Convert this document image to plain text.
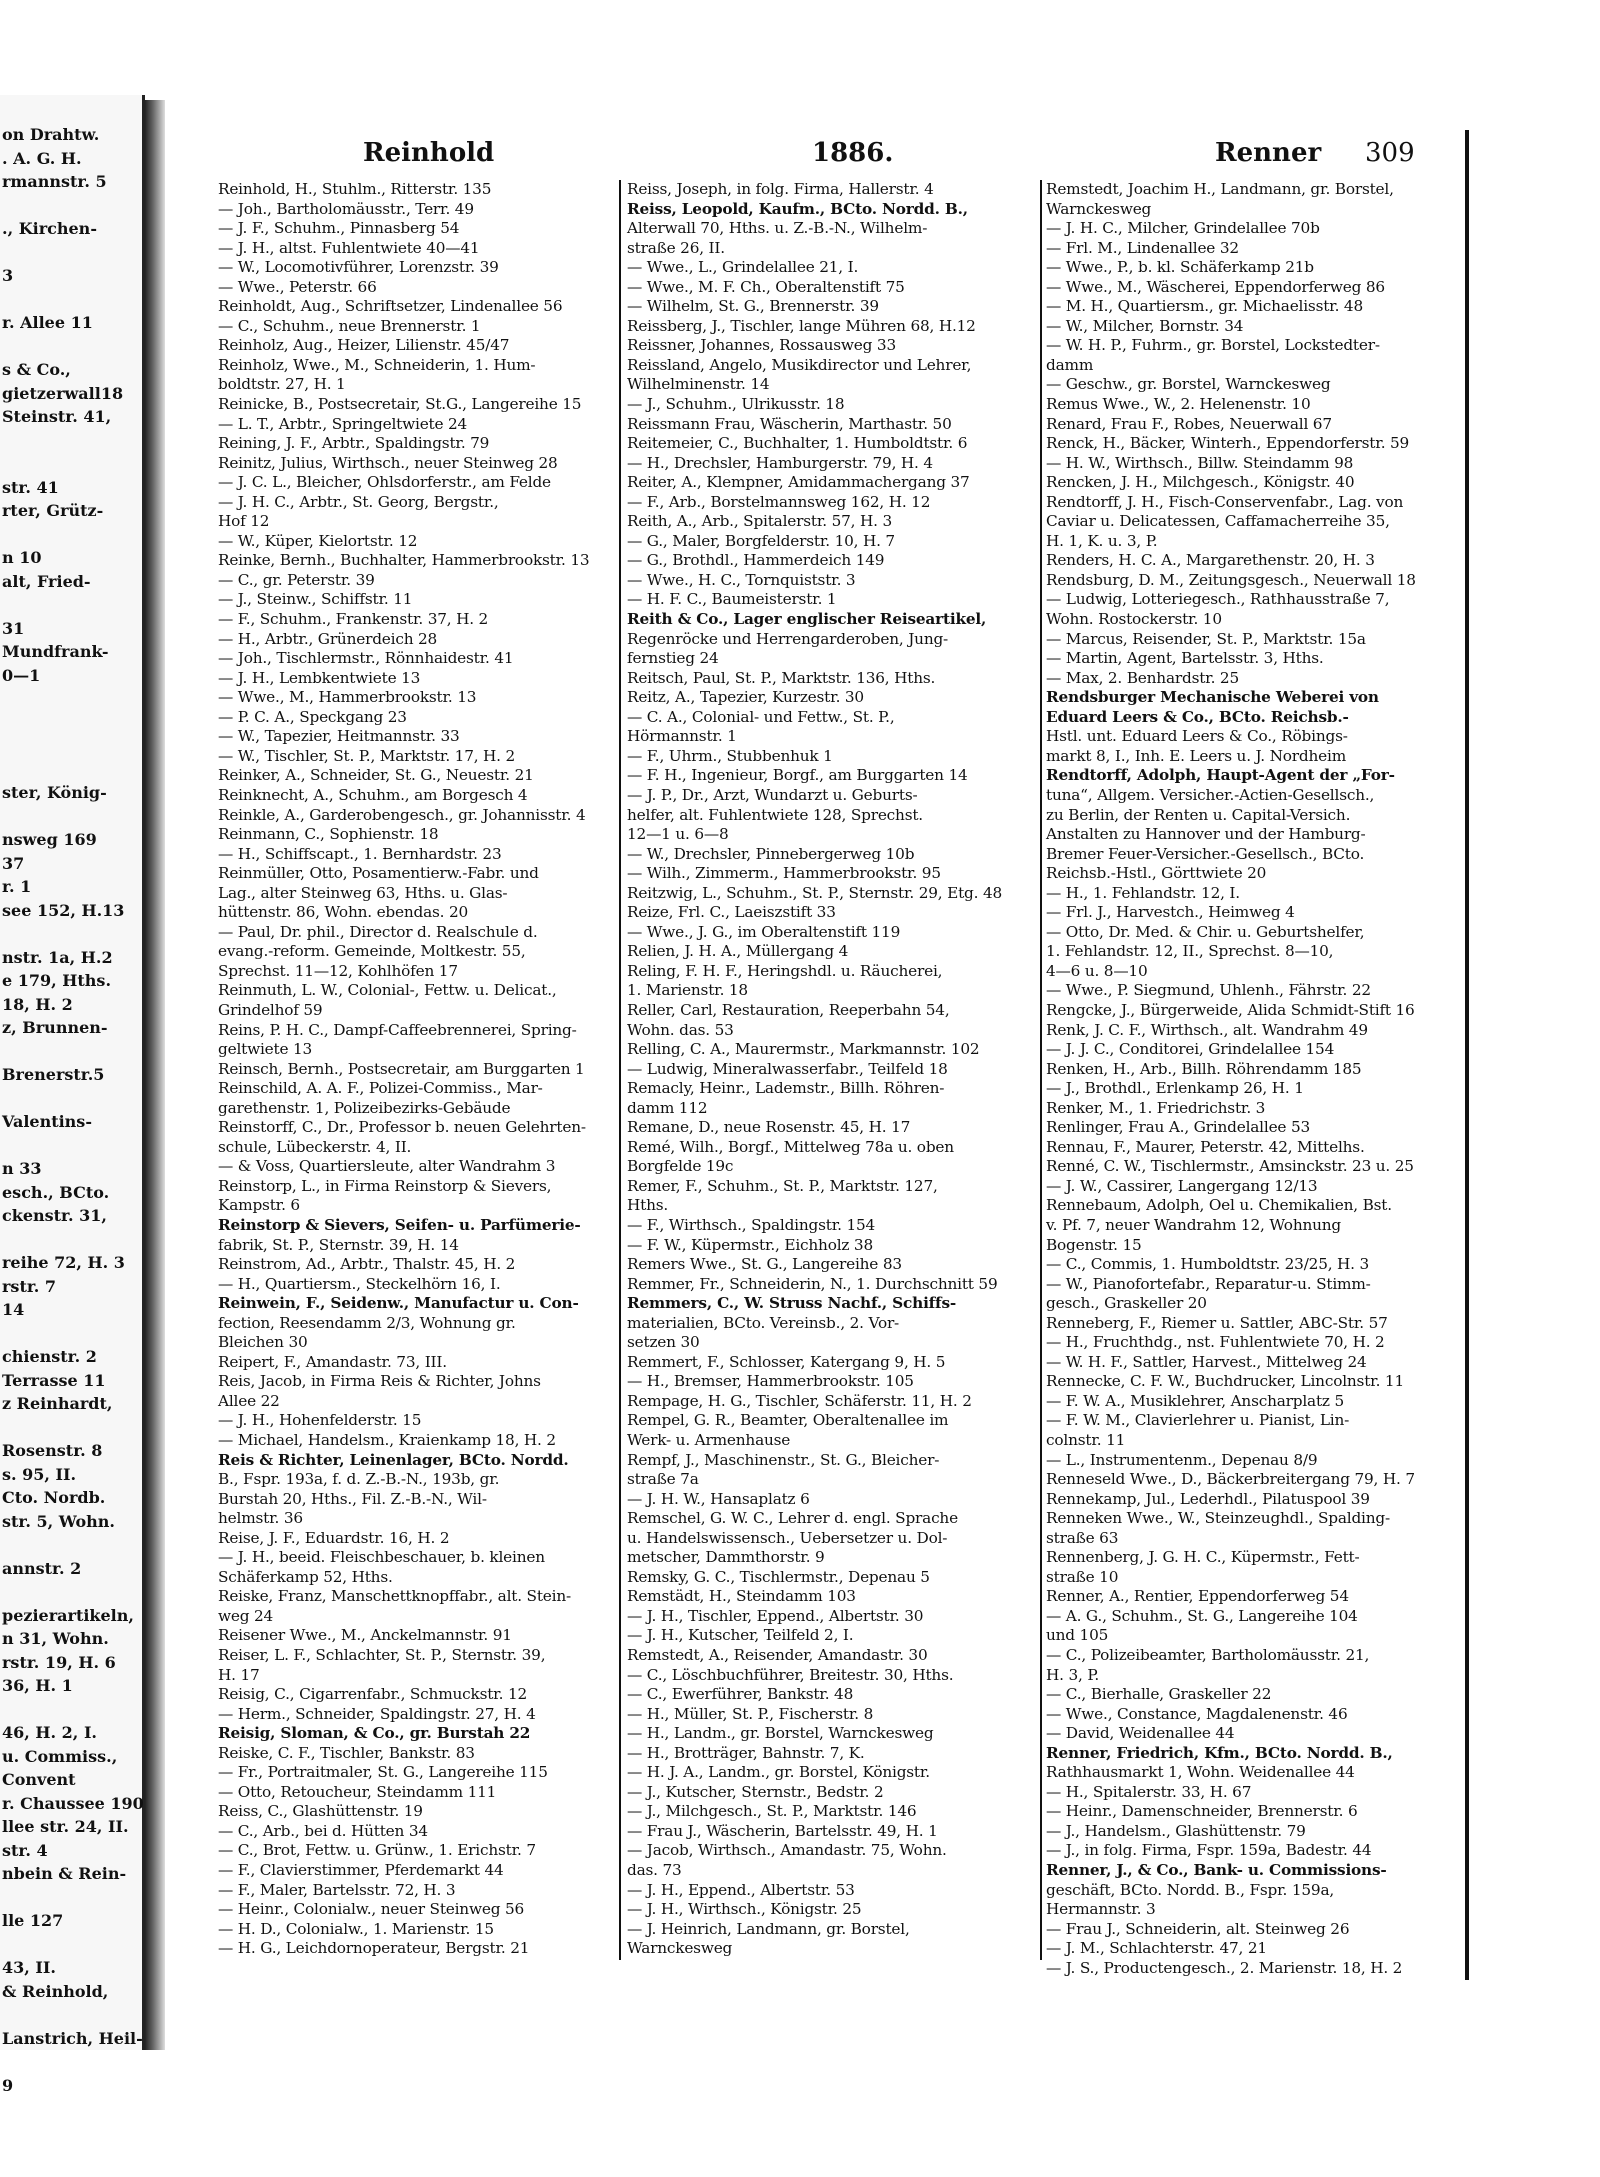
on Drahtw.
. A. G. H.
rmannstr. 5
., Kirchen-
3
r. Allee 11
s & Co.,
gietzerwall18
Steinstr. 41,
str. 41
rter, Grütz-
n 10
alt, Fried-
31
Mundfrank-
0—1
ster, König-
nsweg 169
37
r. 1
see 152, H.13
nstr. 1a, H.2
e 179, Hths.
18, H. 2
z, Brunnen-
Brenerstr.5
Valentins-
n 33
esch., BCto.
ckenstr. 31,
reihe 72, H. 3
rstr. 7
14
chienstr. 2
Terrasse 11
z Reinhardt,
Rosenstr. 8
s. 95, II.
Cto. Nordb.
str. 5, Wohn.
annstr. 2
pezierartikeln,
n 31, Wohn.
rstr. 19, H. 6
36, H. 1
46, H. 2, I.
u. Commiss.,
Convent
r. Chaussee 190
llee str. 24, II.
str. 4
nbein & Rein-
lle 127
43, II.
& Reinhold,
Lanstrich, Heil-
9
Reinhold	1886.	Renner 309
Reinhold, H., Stuhlm., Ritterstr. 135
— Joh., Bartholomäusstr., Terr. 49
— J. F., Schuhm., Pinnasberg 54
— J. H., altst. Fuhlentwiete 40—41
— W., Locomotivführer, Lorenzstr. 39
— Wwe., Peterstr. 66
Reinholdt, Aug., Schriftsetzer, Lindenallee 56
— C., Schuhm., neue Brennerstr. 1
Reinholz, Aug., Heizer, Lilienstr. 45/47
Reinholz, Wwe., M., Schneiderin, 1. Hum-
boldtstr. 27, H. 1
Reinicke, B., Postsecretair, St.G., Langereihe 15
— L. T., Arbtr., Springeltwiete 24
Reining, J. F., Arbtr., Spaldingstr. 79
Reinitz, Julius, Wirthsch., neuer Steinweg 28
— J. C. L., Bleicher, Ohlsdorferstr., am Felde
— J. H. C., Arbtr., St. Georg, Bergstr.,
Hof 12
— W., Küper, Kielortstr. 12
Reinke, Bernh., Buchhalter, Hammerbrookstr. 13
— C., gr. Peterstr. 39
— J., Steinw., Schiffstr. 11
— F., Schuhm., Frankenstr. 37, H. 2
— H., Arbtr., Grünerdeich 28
— Joh., Tischlermstr., Rönnhaidestr. 41
— J. H., Lembkentwiete 13
— Wwe., M., Hammerbrookstr. 13
— P. C. A., Speckgang 23
— W., Tapezier, Heitmannstr. 33
— W., Tischler, St. P., Marktstr. 17, H. 2
Reinker, A., Schneider, St. G., Neuestr. 21
Reinknecht, A., Schuhm., am Borgesch 4
Reinkle, A., Garderobengesch., gr. Johannisstr. 4
Reinmann, C., Sophienstr. 18
— H., Schiffscapt., 1. Bernhardstr. 23
Reinmüller, Otto, Posamentierw.-Fabr. und
Lag., alter Steinweg 63, Hths. u. Glas-
hüttenstr. 86, Wohn. ebendas. 20
— Paul, Dr. phil., Director d. Realschule d.
evang.-reform. Gemeinde, Moltkestr. 55,
Sprechst. 11—12, Kohlhöfen 17
Reinmuth, L. W., Colonial-, Fettw. u. Delicat.,
Grindelhof 59
Reins, P. H. C., Dampf-Caffeebrennerei, Spring-
geltwiete 13
Reinsch, Bernh., Postsecretair, am Burggarten 1
Reinschild, A. A. F., Polizei-Commiss., Mar-
garethenstr. 1, Polizeibezirks-Gebäude
Reinstorff, C., Dr., Professor b. neuen Gelehrten-
schule, Lübeckerstr. 4, II.
— & Voss, Quartiersleute, alter Wandrahm 3
Reinstorp, L., in Firma Reinstorp & Sievers,
Kampstr. 6
Reinstorp & Sievers, Seifen- u. Parfümerie-
fabrik, St. P., Sternstr. 39, H. 14
Reinstrom, Ad., Arbtr., Thalstr. 45, H. 2
— H., Quartiersm., Steckelhörn 16, I.
Reinwein, F., Seidenw., Manufactur u. Con-
fection, Reesendamm 2/3, Wohnung gr.
Bleichen 30
Reipert, F., Amandastr. 73, III.
Reis, Jacob, in Firma Reis & Richter, Johns
Allee 22
— J. H., Hohenfelderstr. 15
— Michael, Handelsm., Kraienkamp 18, H. 2
Reis & Richter, Leinenlager, BCto. Nordd.
B., Fspr. 193a, f. d. Z.-B.-N., 193b, gr.
Burstah 20, Hths., Fil. Z.-B.-N., Wil-
helmstr. 36
Reise, J. F., Eduardstr. 16, H. 2
— J. H., beeid. Fleischbeschauer, b. kleinen
Schäferkamp 52, Hths.
Reiske, Franz, Manschettknopffabr., alt. Stein-
weg 24
Reisener Wwe., M., Anckelmannstr. 91
Reiser, L. F., Schlachter, St. P., Sternstr. 39,
H. 17
Reisig, C., Cigarrenfabr., Schmuckstr. 12
— Herm., Schneider, Spaldingstr. 27, H. 4
Reisig, Sloman, & Co., gr. Burstah 22
Reiske, C. F., Tischler, Bankstr. 83
— Fr., Portraitmaler, St. G., Langereihe 115
— Otto, Retoucheur, Steindamm 111
Reiss, C., Glashüttenstr. 19
— C., Arb., bei d. Hütten 34
— C., Brot, Fettw. u. Grünw., 1. Erichstr. 7
— F., Clavierstimmer, Pferdemarkt 44
— F., Maler, Bartelsstr. 72, H. 3
— Heinr., Colonialw., neuer Steinweg 56
— H. D., Colonialw., 1. Marienstr. 15
— H. G., Leichdornoperateur, Bergstr. 21
Reiss, Joseph, in folg. Firma, Hallerstr. 4
Reiss, Leopold, Kaufm., BCto. Nordd. B.,
Alterwall 70, Hths. u. Z.-B.-N., Wilhelm-
straße 26, II.
— Wwe., L., Grindelallee 21, I.
— Wwe., M. F. Ch., Oberaltenstift 75
— Wilhelm, St. G., Brennerstr. 39
Reissberg, J., Tischler, lange Mühren 68, H.12
Reissner, Johannes, Rossausweg 33
Reissland, Angelo, Musikdirector und Lehrer,
Wilhelminenstr. 14
— J., Schuhm., Ulrikusstr. 18
Reissmann Frau, Wäscherin, Marthastr. 50
Reitemeier, C., Buchhalter, 1. Humboldtstr. 6
— H., Drechsler, Hamburgerstr. 79, H. 4
Reiter, A., Klempner, Amidammachergang 37
— F., Arb., Borstelmannsweg 162, H. 12
Reith, A., Arb., Spitalerstr. 57, H. 3
— G., Maler, Borgfelderstr. 10, H. 7
— G., Brothdl., Hammerdeich 149
— Wwe., H. C., Tornquiststr. 3
— H. F. C., Baumeisterstr. 1
Reith & Co., Lager englischer Reiseartikel,
Regenröcke und Herrengarderoben, Jung-
fernstieg 24
Reitsch, Paul, St. P., Marktstr. 136, Hths.
Reitz, A., Tapezier, Kurzestr. 30
— C. A., Colonial- und Fettw., St. P.,
Hörmannstr. 1
— F., Uhrm., Stubbenhuk 1
— F. H., Ingenieur, Borgf., am Burggarten 14
— J. P., Dr., Arzt, Wundarzt u. Geburts-
helfer, alt. Fuhlentwiete 128, Sprechst.
12—1 u. 6—8
— W., Drechsler, Pinnebergerweg 10b
— Wilh., Zimmerm., Hammerbrookstr. 95
Reitzwig, L., Schuhm., St. P., Sternstr. 29, Etg. 48
Reize, Frl. C., Laeiszstift 33
— Wwe., J. G., im Oberaltenstift 119
Relien, J. H. A., Müllergang 4
Reling, F. H. F., Heringshdl. u. Räucherei,
1. Marienstr. 18
Reller, Carl, Restauration, Reeperbahn 54,
Wohn. das. 53
Relling, C. A., Maurermstr., Markmannstr. 102
— Ludwig, Mineralwasserfabr., Teilfeld 18
Remacly, Heinr., Lademstr., Billh. Röhren-
damm 112
Remane, D., neue Rosenstr. 45, H. 17
Remé, Wilh., Borgf., Mittelweg 78a u. oben
Borgfelde 19c
Remer, F., Schuhm., St. P., Marktstr. 127,
Hths.
— F., Wirthsch., Spaldingstr. 154
— F. W., Küpermstr., Eichholz 38
Remers Wwe., St. G., Langereihe 83
Remmer, Fr., Schneiderin, N., 1. Durchschnitt 59
Remmers, C., W. Struss Nachf., Schiffs-
materialien, BCto. Vereinsb., 2. Vor-
setzen 30
Remmert, F., Schlosser, Katergang 9, H. 5
— H., Bremser, Hammerbrookstr. 105
Rempage, H. G., Tischler, Schäferstr. 11, H. 2
Rempel, G. R., Beamter, Oberaltenallee im
Werk- u. Armenhause
Rempf, J., Maschinenstr., St. G., Bleicher-
straße 7a
— J. H. W., Hansaplatz 6
Remschel, G. W. C., Lehrer d. engl. Sprache
u. Handelswissensch., Uebersetzer u. Dol-
metscher, Dammthorstr. 9
Remsky, G. C., Tischlermstr., Depenau 5
Remstädt, H., Steindamm 103
— J. H., Tischler, Eppend., Albertstr. 30
— J. H., Kutscher, Teilfeld 2, I.
Remstedt, A., Reisender, Amandastr. 30
— C., Löschbuchführer, Breitestr. 30, Hths.
— C., Ewerführer, Bankstr. 48
— H., Müller, St. P., Fischerstr. 8
— H., Landm., gr. Borstel, Warnckesweg
— H., Brotträger, Bahnstr. 7, K.
— H. J. A., Landm., gr. Borstel, Königstr.
— J., Kutscher, Sternstr., Bedstr. 2
— J., Milchgesch., St. P., Marktstr. 146
— Frau J., Wäscherin, Bartelsstr. 49, H. 1
— Jacob, Wirthsch., Amandastr. 75, Wohn.
das. 73
— J. H., Eppend., Albertstr. 53
— J. H., Wirthsch., Königstr. 25
— J. Heinrich, Landmann, gr. Borstel,
Warnckesweg
Remstedt, Joachim H., Landmann, gr. Borstel,
Warnckesweg
— J. H. C., Milcher, Grindelallee 70b
— Frl. M., Lindenallee 32
— Wwe., P., b. kl. Schäferkamp 21b
— Wwe., M., Wäscherei, Eppendorferweg 86
— M. H., Quartiersm., gr. Michaelisstr. 48
— W., Milcher, Bornstr. 34
— W. H. P., Fuhrm., gr. Borstel, Lockstedter-
damm
— Geschw., gr. Borstel, Warnckesweg
Remus Wwe., W., 2. Helenenstr. 10
Renard, Frau F., Robes, Neuerwall 67
Renck, H., Bäcker, Winterh., Eppendorferstr. 59
— H. W., Wirthsch., Billw. Steindamm 98
Rencken, J. H., Milchgesch., Königstr. 40
Rendtorff, J. H., Fisch-Conservenfabr., Lag. von
Caviar u. Delicatessen, Caffamacherreihe 35,
H. 1, K. u. 3, P.
Renders, H. C. A., Margarethenstr. 20, H. 3
Rendsburg, D. M., Zeitungsgesch., Neuerwall 18
— Ludwig, Lotteriegesch., Rathhausstraße 7,
Wohn. Rostockerstr. 10
— Marcus, Reisender, St. P., Marktstr. 15a
— Martin, Agent, Bartelsstr. 3, Hths.
— Max, 2. Benhardstr. 25
Rendsburger Mechanische Weberei von
Eduard Leers & Co., BCto. Reichsb.-
Hstl. unt. Eduard Leers & Co., Röbings-
markt 8, I., Inh. E. Leers u. J. Nordheim
Rendtorff, Adolph, Haupt-Agent der „For-
tuna“, Allgem. Versicher.-Actien-Gesellsch.,
zu Berlin, der Renten u. Capital-Versich.
Anstalten zu Hannover und der Hamburg-
Bremer Feuer-Versicher.-Gesellsch., BCto.
Reichsb.-Hstl., Görttwiete 20
— H., 1. Fehlandstr. 12, I.
— Frl. J., Harvestch., Heimweg 4
— Otto, Dr. Med. & Chir. u. Geburtshelfer,
1. Fehlandstr. 12, II., Sprechst. 8—10,
4—6 u. 8—10
— Wwe., P. Siegmund, Uhlenh., Fährstr. 22
Rengcke, J., Bürgerweide, Alida Schmidt-Stift 16
Renk, J. C. F., Wirthsch., alt. Wandrahm 49
— J. J. C., Conditorei, Grindelallee 154
Renken, H., Arb., Billh. Röhrendamm 185
— J., Brothdl., Erlenkamp 26, H. 1
Renker, M., 1. Friedrichstr. 3
Renlinger, Frau A., Grindelallee 53
Rennau, F., Maurer, Peterstr. 42, Mittelhs.
Renné, C. W., Tischlermstr., Amsinckstr. 23 u. 25
— J. W., Cassirer, Langergang 12/13
Rennebaum, Adolph, Oel u. Chemikalien, Bst.
v. Pf. 7, neuer Wandrahm 12, Wohnung
Bogenstr. 15
— C., Commis, 1. Humboldtstr. 23/25, H. 3
— W., Pianofortefabr., Reparatur-u. Stimm-
gesch., Graskeller 20
Renneberg, F., Riemer u. Sattler, ABC-Str. 57
— H., Fruchthdg., nst. Fuhlentwiete 70, H. 2
— W. H. F., Sattler, Harvest., Mittelweg 24
Rennecke, C. F. W., Buchdrucker, Lincolnstr. 11
— F. W. A., Musiklehrer, Anscharplatz 5
— F. W. M., Clavierlehrer u. Pianist, Lin-
colnstr. 11
— L., Instrumentenm., Depenau 8/9
Renneseld Wwe., D., Bäckerbreitergang 79, H. 7
Rennekamp, Jul., Lederhdl., Pilatuspool 39
Renneken Wwe., W., Steinzeughdl., Spalding-
straße 63
Rennenberg, J. G. H. C., Küpermstr., Fett-
straße 10
Renner, A., Rentier, Eppendorferweg 54
— A. G., Schuhm., St. G., Langereihe 104
und 105
— C., Polizeibeamter, Bartholomäusstr. 21,
H. 3, P.
— C., Bierhalle, Graskeller 22
— Wwe., Constance, Magdalenenstr. 46
— David, Weidenallee 44
Renner, Friedrich, Kfm., BCto. Nordd. B.,
Rathhausmarkt 1, Wohn. Weidenallee 44
— H., Spitalerstr. 33, H. 67
— Heinr., Damenschneider, Brennerstr. 6
— J., Handelsm., Glashüttenstr. 79
— J., in folg. Firma, Fspr. 159a, Badestr. 44
Renner, J., & Co., Bank- u. Commissions-
geschäft, BCto. Nordd. B., Fspr. 159a,
Hermannstr. 3
— Frau J., Schneiderin, alt. Steinweg 26
— J. M., Schlachterstr. 47, 21
— J. S., Productengesch., 2. Marienstr. 18, H. 2
